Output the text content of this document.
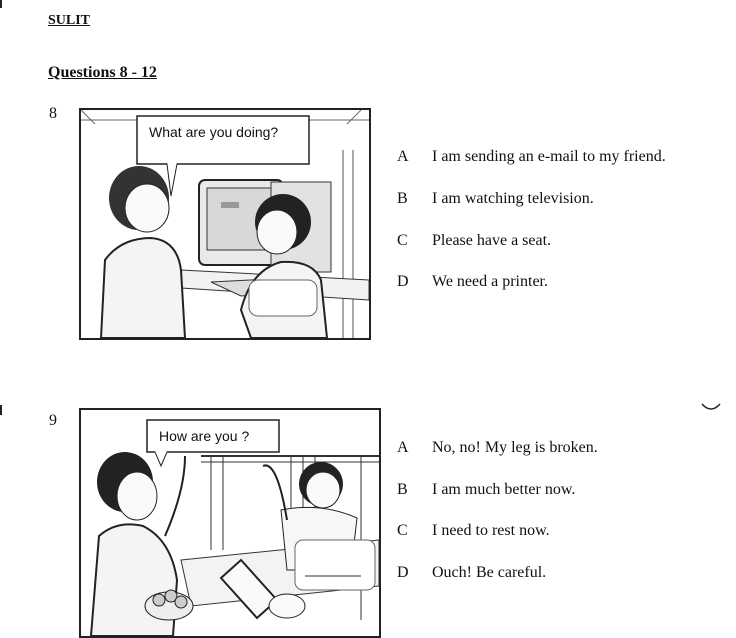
SULIT
Questions 8 - 12
8
What are you doing?
A I am sending an e-mail to my friend.
B I am watching television.
C Please have a seat.
D We need a printer.
9
How are you ?
A No, no! My leg is broken.
B I am much better now.
C I need to rest now.
D Ouch! Be careful.
